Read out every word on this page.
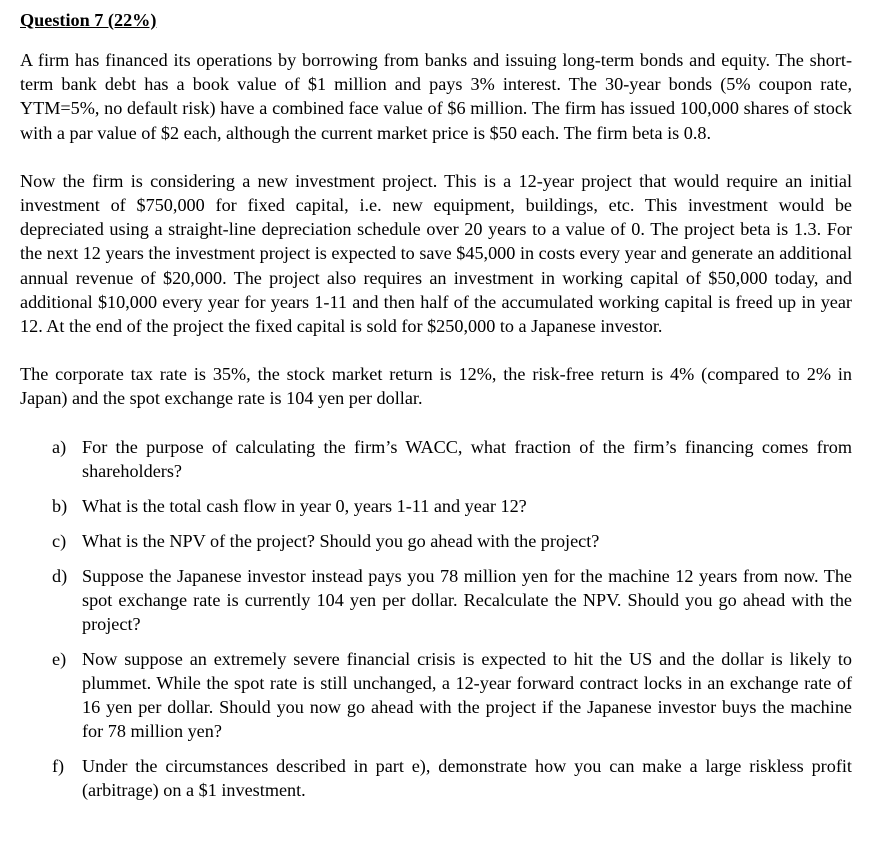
Question 7 (22%)

A firm has financed its operations by borrowing from banks and issuing long-term bonds and equity. The short-term bank debt has a book value of $1 million and pays 3% interest. The 30-year bonds (5% coupon rate, YTM=5%, no default risk) have a combined face value of $6 million. The firm has issued 100,000 shares of stock with a par value of $2 each, although the current market price is $50 each. The firm beta is 0.8.

Now the firm is considering a new investment project. This is a 12-year project that would require an initial investment of $750,000 for fixed capital, i.e. new equipment, buildings, etc. This investment would be depreciated using a straight-line depreciation schedule over 20 years to a value of 0. The project beta is 1.3. For the next 12 years the investment project is expected to save $45,000 in costs every year and generate an additional annual revenue of $20,000. The project also requires an investment in working capital of $50,000 today, and additional $10,000 every year for years 1-11 and then half of the accumulated working capital is freed up in year 12. At the end of the project the fixed capital is sold for $250,000 to a Japanese investor.

The corporate tax rate is 35%, the stock market return is 12%, the risk-free return is 4% (compared to 2% in Japan) and the spot exchange rate is 104 yen per dollar.

a) For the purpose of calculating the firm’s WACC, what fraction of the firm’s financing comes from shareholders?
b) What is the total cash flow in year 0, years 1-11 and year 12?
c) What is the NPV of the project? Should you go ahead with the project?
d) Suppose the Japanese investor instead pays you 78 million yen for the machine 12 years from now. The spot exchange rate is currently 104 yen per dollar. Recalculate the NPV. Should you go ahead with the project?
e) Now suppose an extremely severe financial crisis is expected to hit the US and the dollar is likely to plummet. While the spot rate is still unchanged, a 12-year forward contract locks in an exchange rate of 16 yen per dollar. Should you now go ahead with the project if the Japanese investor buys the machine for 78 million yen?
f) Under the circumstances described in part e), demonstrate how you can make a large riskless profit (arbitrage) on a $1 investment.
